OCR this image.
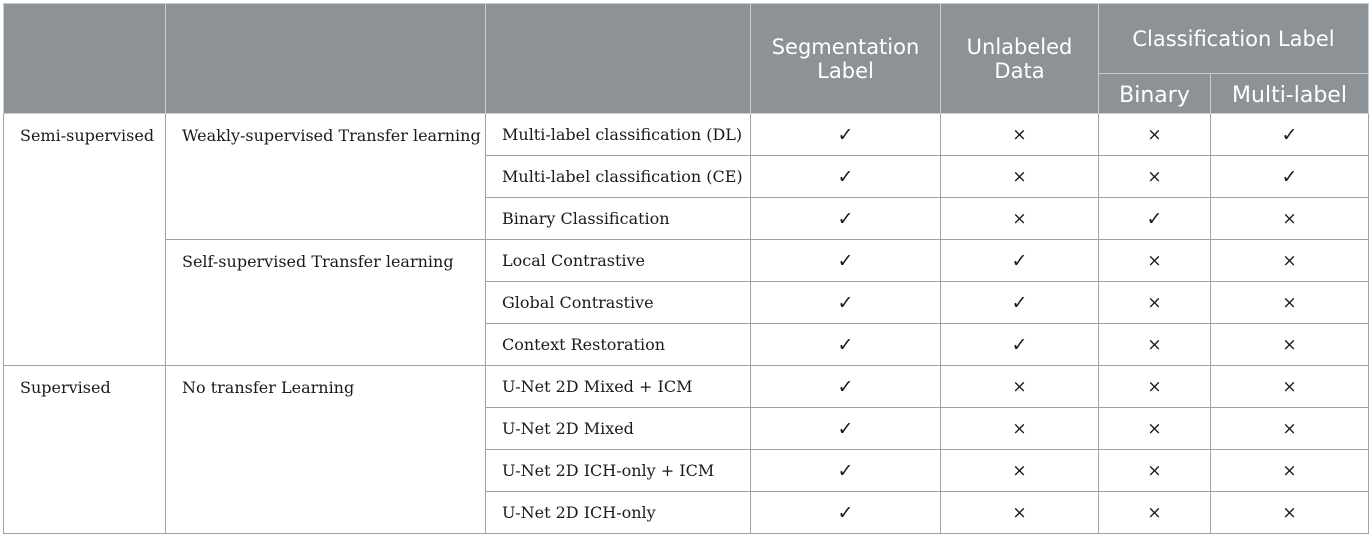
			Segmentation Label	Unlabeled Data	Classification Label	
					Binary	Multi-label
Semi-supervised	Weakly-supervised Transfer learning	Multi-label classification (DL)	✓	×	×	✓
		Multi-label classification (CE)	✓	×	×	✓
		Binary Classification	✓	×	✓	×
	Self-supervised Transfer learning	Local Contrastive	✓	✓	×	×
		Global Contrastive	✓	✓	×	×
		Context Restoration	✓	✓	×	×
Supervised	No transfer Learning	U-Net 2D Mixed + ICM	✓	×	×	×
		U-Net 2D Mixed	✓	×	×	×
		U-Net 2D ICH-only + ICM	✓	×	×	×
		U-Net 2D ICH-only	✓	×	×	×
